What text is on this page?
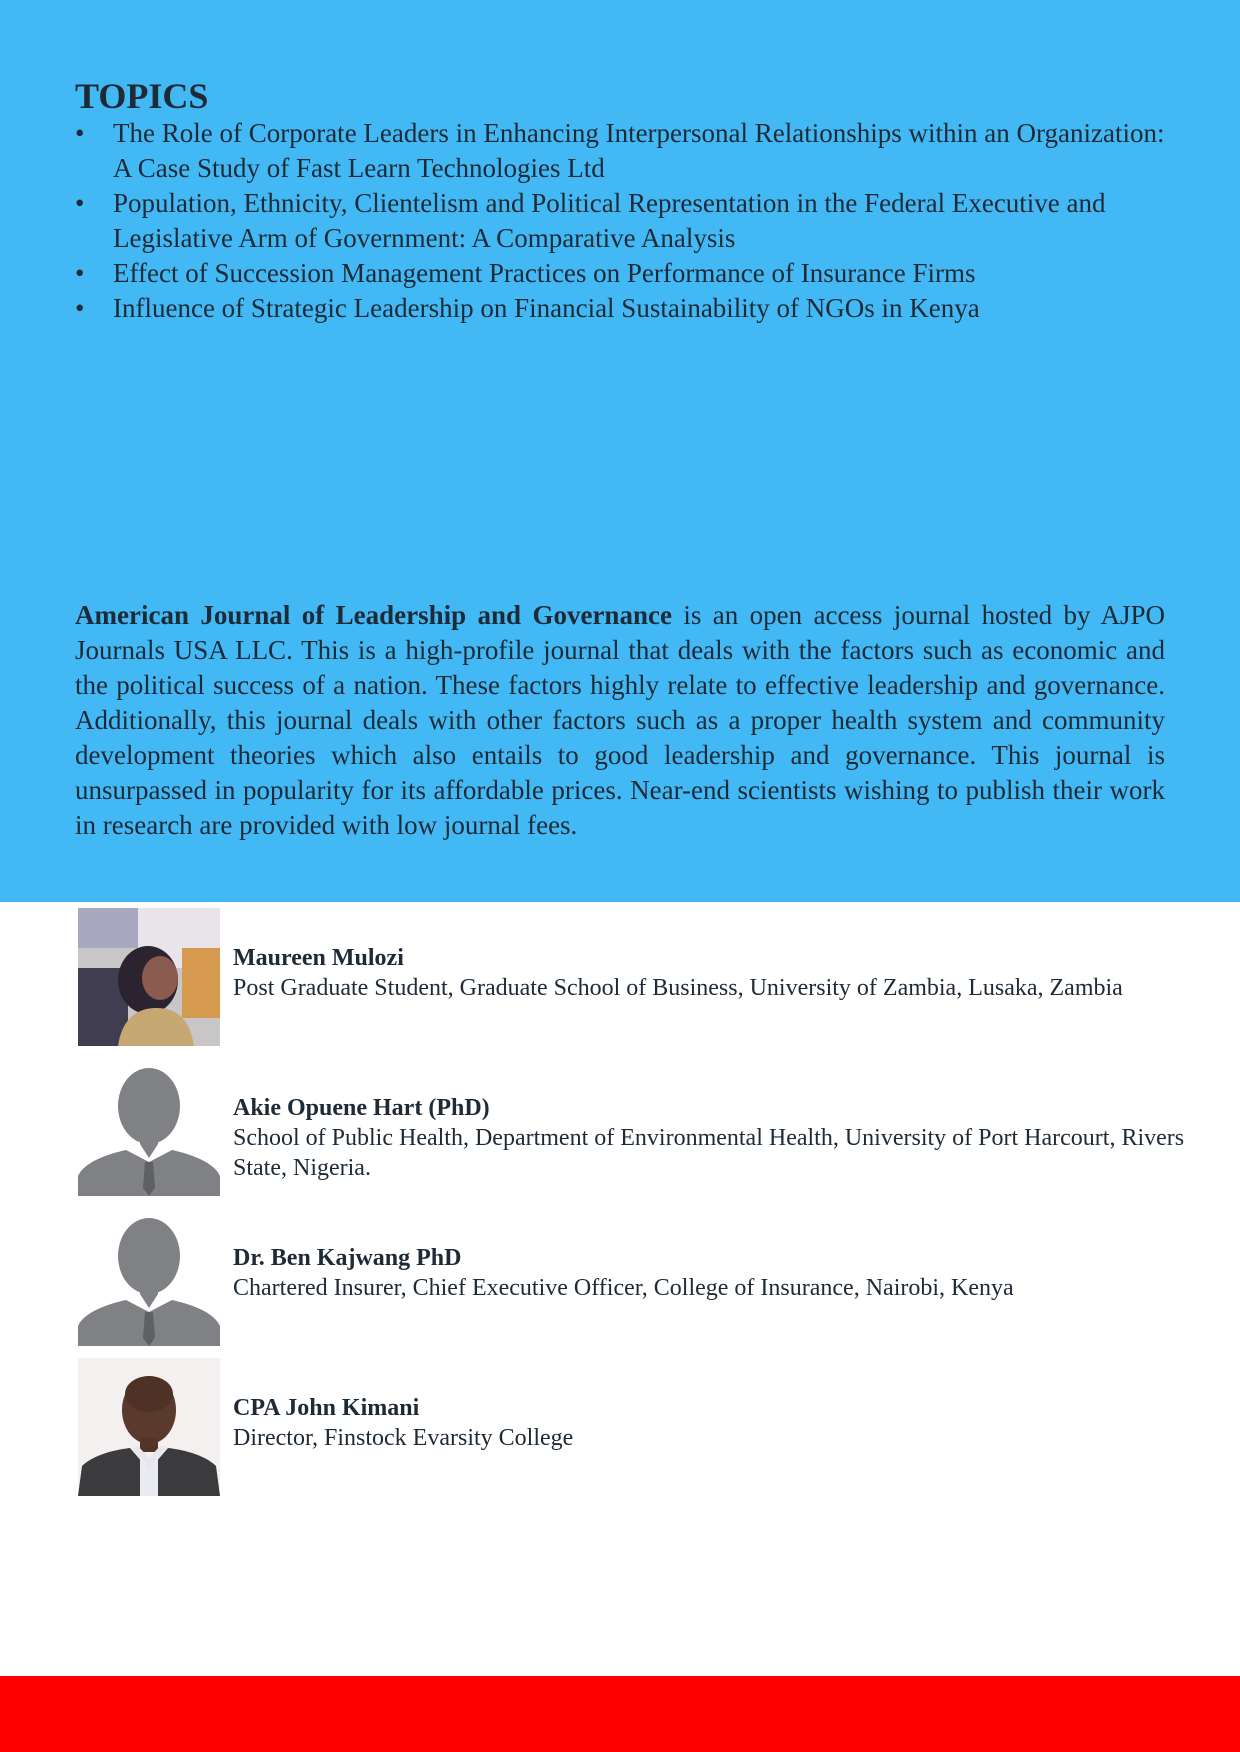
TOPICS
• The Role of Corporate Leaders in Enhancing Interpersonal Relationships within an Organization: A Case Study of Fast Learn Technologies Ltd
• Population, Ethnicity, Clientelism and Political Representation in the Federal Executive and Legislative Arm of Government: A Comparative Analysis
• Effect of Succession Management Practices on Performance of Insurance Firms
• Influence of Strategic Leadership on Financial Sustainability of NGOs in Kenya

American Journal of Leadership and Governance is an open access journal hosted by AJPO Journals USA LLC. This is a high-profile journal that deals with the factors such as economic and the political success of a nation. These factors highly relate to effective leadership and governance. Additionally, this journal deals with other factors such as a proper health system and community development theories which also entails to good leadership and governance. This journal is unsurpassed in popularity for its affordable prices. Near-end scientists wishing to publish their work in research are provided with low journal fees.

Maureen Mulozi
Post Graduate Student, Graduate School of Business, University of Zambia, Lusaka, Zambia
Akie Opuene Hart (PhD)
School of Public Health, Department of Environmental Health, University of Port Harcourt, Rivers State, Nigeria.
Dr. Ben Kajwang PhD
Chartered Insurer, Chief Executive Officer, College of Insurance, Nairobi, Kenya
CPA John Kimani
Director, Finstock Evarsity College
